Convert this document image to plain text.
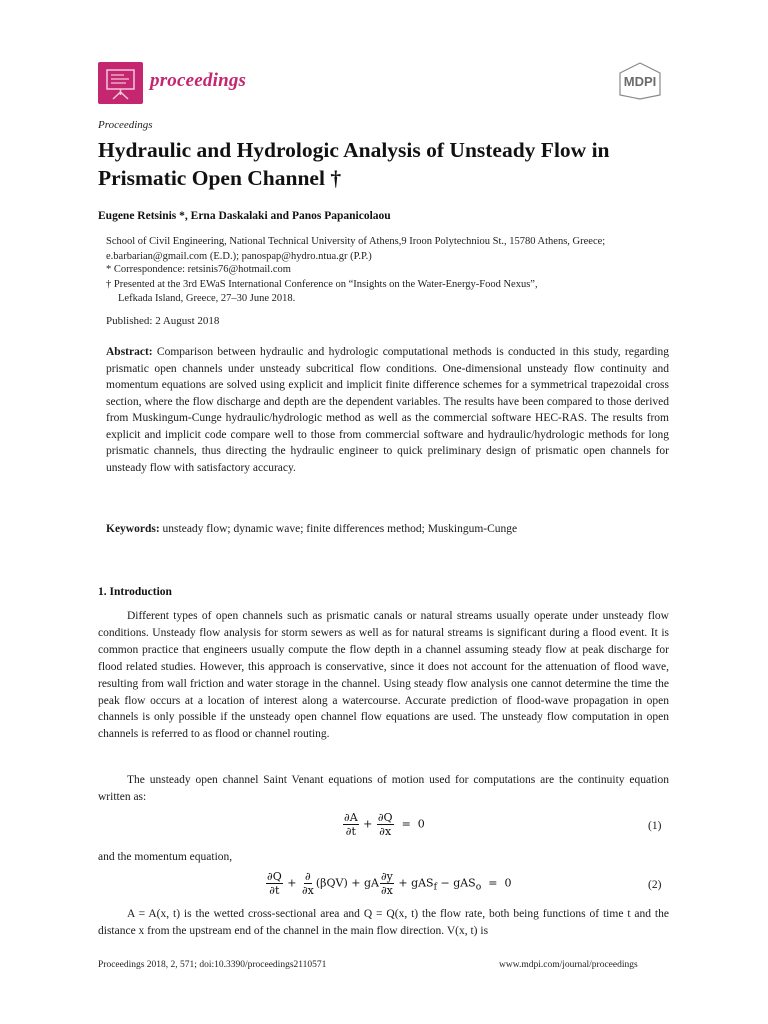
proceedings	MDPI
Proceedings
Hydraulic and Hydrologic Analysis of Unsteady Flow in Prismatic Open Channel †
Eugene Retsinis *, Erna Daskalaki and Panos Papanicolaou
School of Civil Engineering, National Technical University of Athens,9 Iroon Polytechniou St., 15780 Athens, Greece; e.barbarian@gmail.com (E.D.); panospap@hydro.ntua.gr (P.P.)
* Correspondence: retsinis76@hotmail.com
† Presented at the 3rd EWaS International Conference on “Insights on the Water-Energy-Food Nexus”,
Lefkada Island, Greece, 27–30 June 2018.
Published: 2 August 2018
Abstract: Comparison between hydraulic and hydrologic computational methods is conducted in this study, regarding prismatic open channels under unsteady subcritical flow conditions. One-dimensional unsteady flow continuity and momentum equations are solved using explicit and implicit finite difference schemes for a symmetrical trapezoidal cross section, where the flow discharge and depth are the dependent variables. The results have been compared to those derived from Muskingum-Cunge hydraulic/hydrologic method as well as the commercial software HEC-RAS. The results from explicit and implicit code compare well to those from commercial software and hydraulic/hydrologic methods for long prismatic channels, thus directing the hydraulic engineer to quick preliminary design of prismatic open channels for unsteady flow with satisfactory accuracy.
Keywords: unsteady flow; dynamic wave; finite differences method; Muskingum-Cunge
1. Introduction
Different types of open channels such as prismatic canals or natural streams usually operate under unsteady flow conditions. Unsteady flow analysis for storm sewers as well as for natural streams is significant during a flood event. It is common practice that engineers usually compute the flow depth in a channel assuming steady flow at peak discharge for flood related studies. However, this approach is conservative, since it does not account for the attenuation of flood wave, resulting from wall friction and water storage in the channel. Using steady flow analysis one cannot determine the time the peak flow occurs at a location of interest along a watercourse. Accurate prediction of flood-wave propagation in open channels is only possible if the unsteady open channel flow equations are used. The unsteady flow computation in open channels is referred to as flood or channel routing.
The unsteady open channel Saint Venant equations of motion used for computations are the continuity equation written as:
$\frac{\partial A}{\partial t} + \frac{\partial Q}{\partial x} = 0$	(1)
and the momentum equation,
$\frac{\partial Q}{\partial t} + \frac{\partial}{\partial x} (\beta QV)$ + gA $\frac{\partial y}{\partial x} + gAS_f - gAS_o = 0$	(2)
A = A(x, t) is the wetted cross-sectional area and Q = Q(x, t) the flow rate, both being functions of time t and the distance x from the upstream end of the channel in the main flow direction. V(x, t) is
Proceedings 2018, 2, 571; doi:10.3390/proceedings2110571	www.mdpi.com/journal/proceedings
